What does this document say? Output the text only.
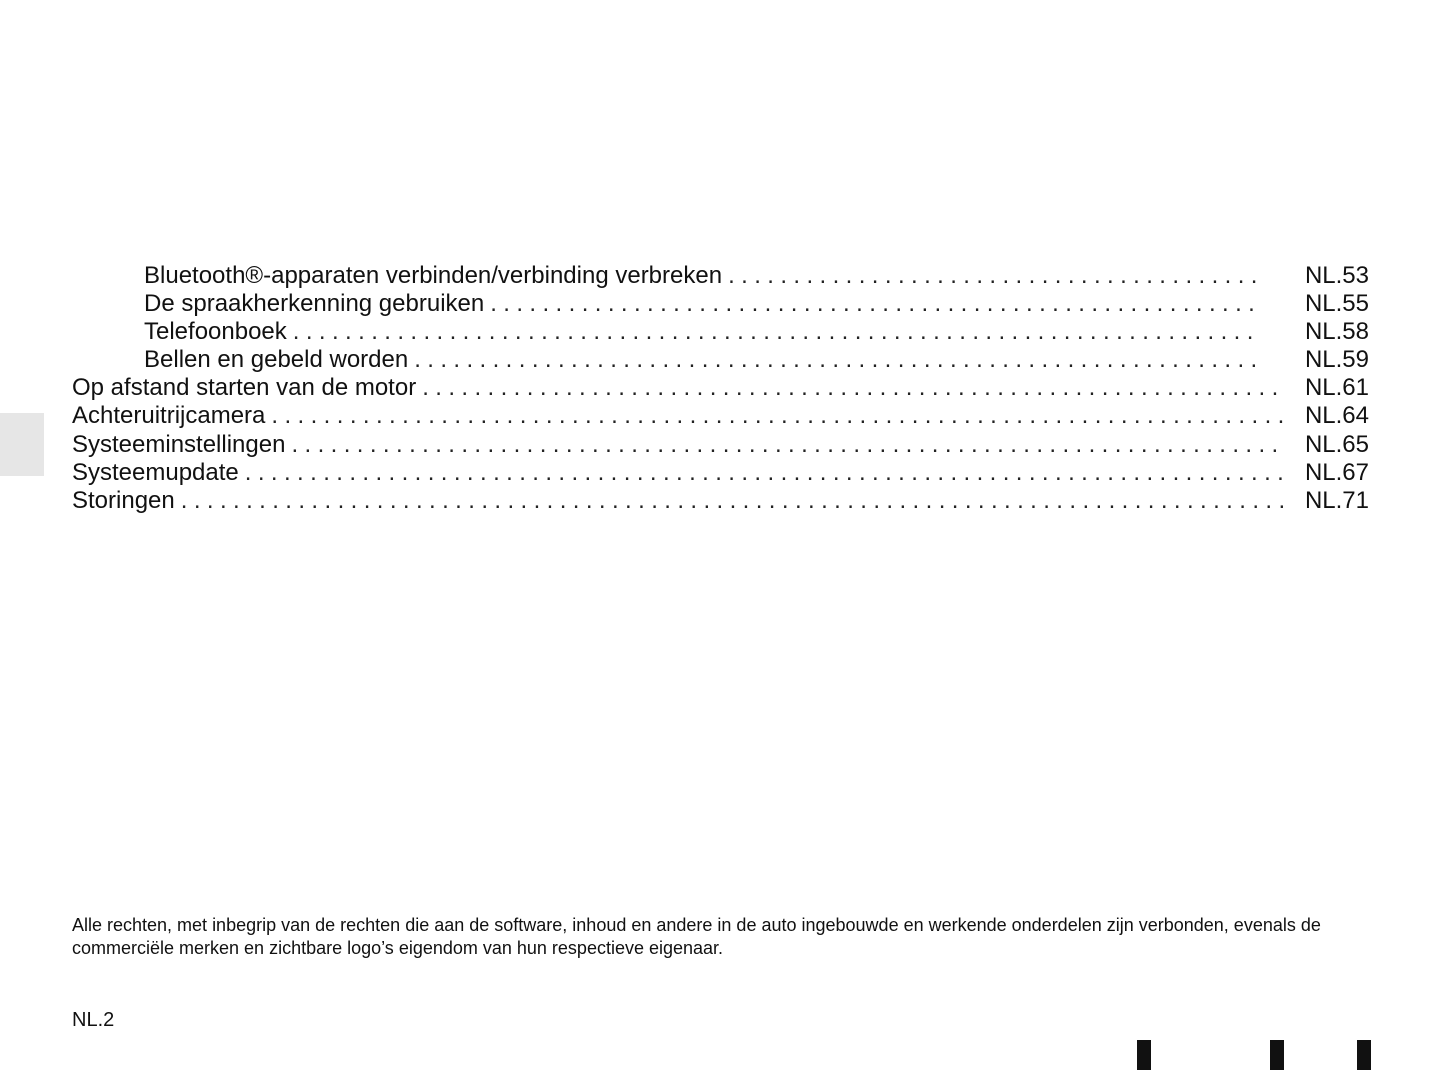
Bluetooth®-apparaten verbinden/verbinding verbreken .....	NL.53
De spraakherkenning gebruiken .....	NL.55
Telefoonboek .....	NL.58
Bellen en gebeld worden .....	NL.59
Op afstand starten van de motor .....	NL.61
Achteruitrijcamera .....	NL.64
Systeeminstellingen .....	NL.65
Systeemupdate .....	NL.67
Storingen .....	NL.71

Alle rechten, met inbegrip van de rechten die aan de software, inhoud en andere in de auto ingebouwde en werkende onderdelen zijn verbonden, evenals de commerciële merken en zichtbare logo’s eigendom van hun respectieve eigenaar.

NL.2
